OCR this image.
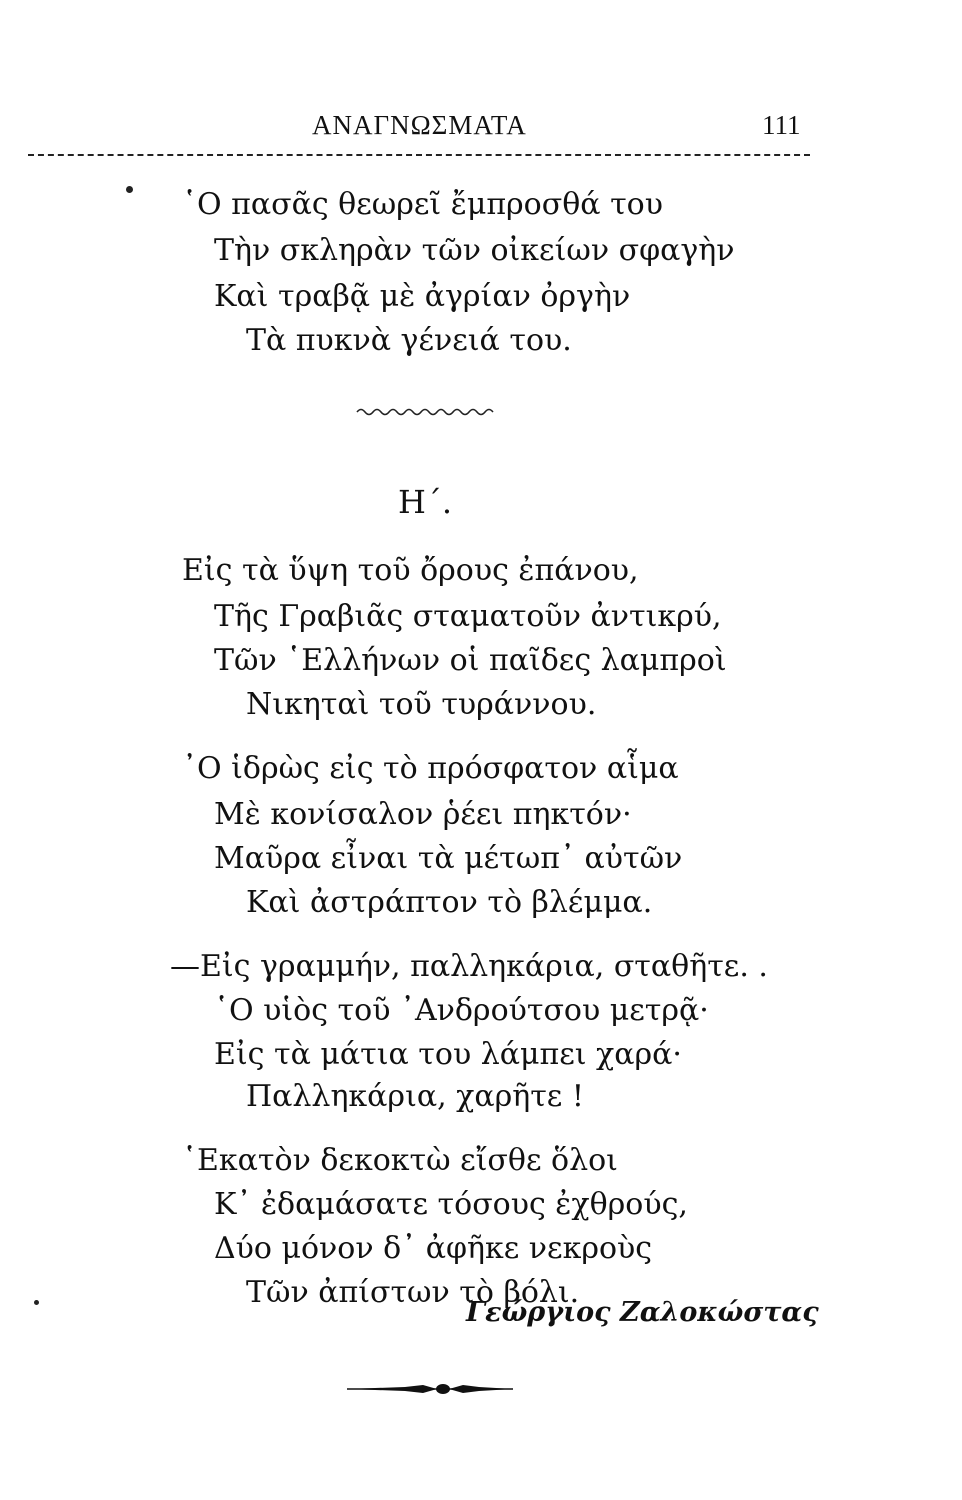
ΑΝΑΓΝΩΣΜΑΤΑ	111
῾Ο πασᾶς θεωρεῖ ἔμπροσθά του
Τὴν σκληρὰν τῶν οἰκείων σφαγὴν
Καὶ τραβᾷ μὲ ἀγρίαν ὀργὴν
Τὰ πυκνὰ γένειά του.
Η΄.
Εἰς τὰ ὕψη τοῦ ὄρους ἐπάνου,
Τῆς Γραβιᾶς σταματοῦν ἀντικρύ,
Τῶν ῾Ελλήνων οἱ παῖδες λαμπροὶ
Νικηταὶ τοῦ τυράννου.
᾿Ο ἱδρὼς εἰς τὸ πρόσφατον αἷμα
Μὲ κονίσαλον ῥέει πηκτόν·
Μαῦρα εἶναι τὰ μέτωπ᾿ αὐτῶν
Καὶ ἀστράπτον τὸ βλέμμα.
—Εἰς γραμμήν, παλληκάρια, σταθῆτε. .
῾Ο υἱὸς τοῦ ᾿Ανδρούτσου μετρᾷ·
Εἰς τὰ μάτια του λάμπει χαρά·
Παλληκάρια, χαρῆτε !
῾Εκατὸν δεκοκτὼ εἴσθε ὅλοι
Κ᾿ ἐδαμάσατε τόσους ἐχθρούς,
Δύο μόνον δ᾿ ἀφῆκε νεκροὺς
Τῶν ἀπίστων τὸ βόλι.
Γεώργιος Ζαλοκώστας
